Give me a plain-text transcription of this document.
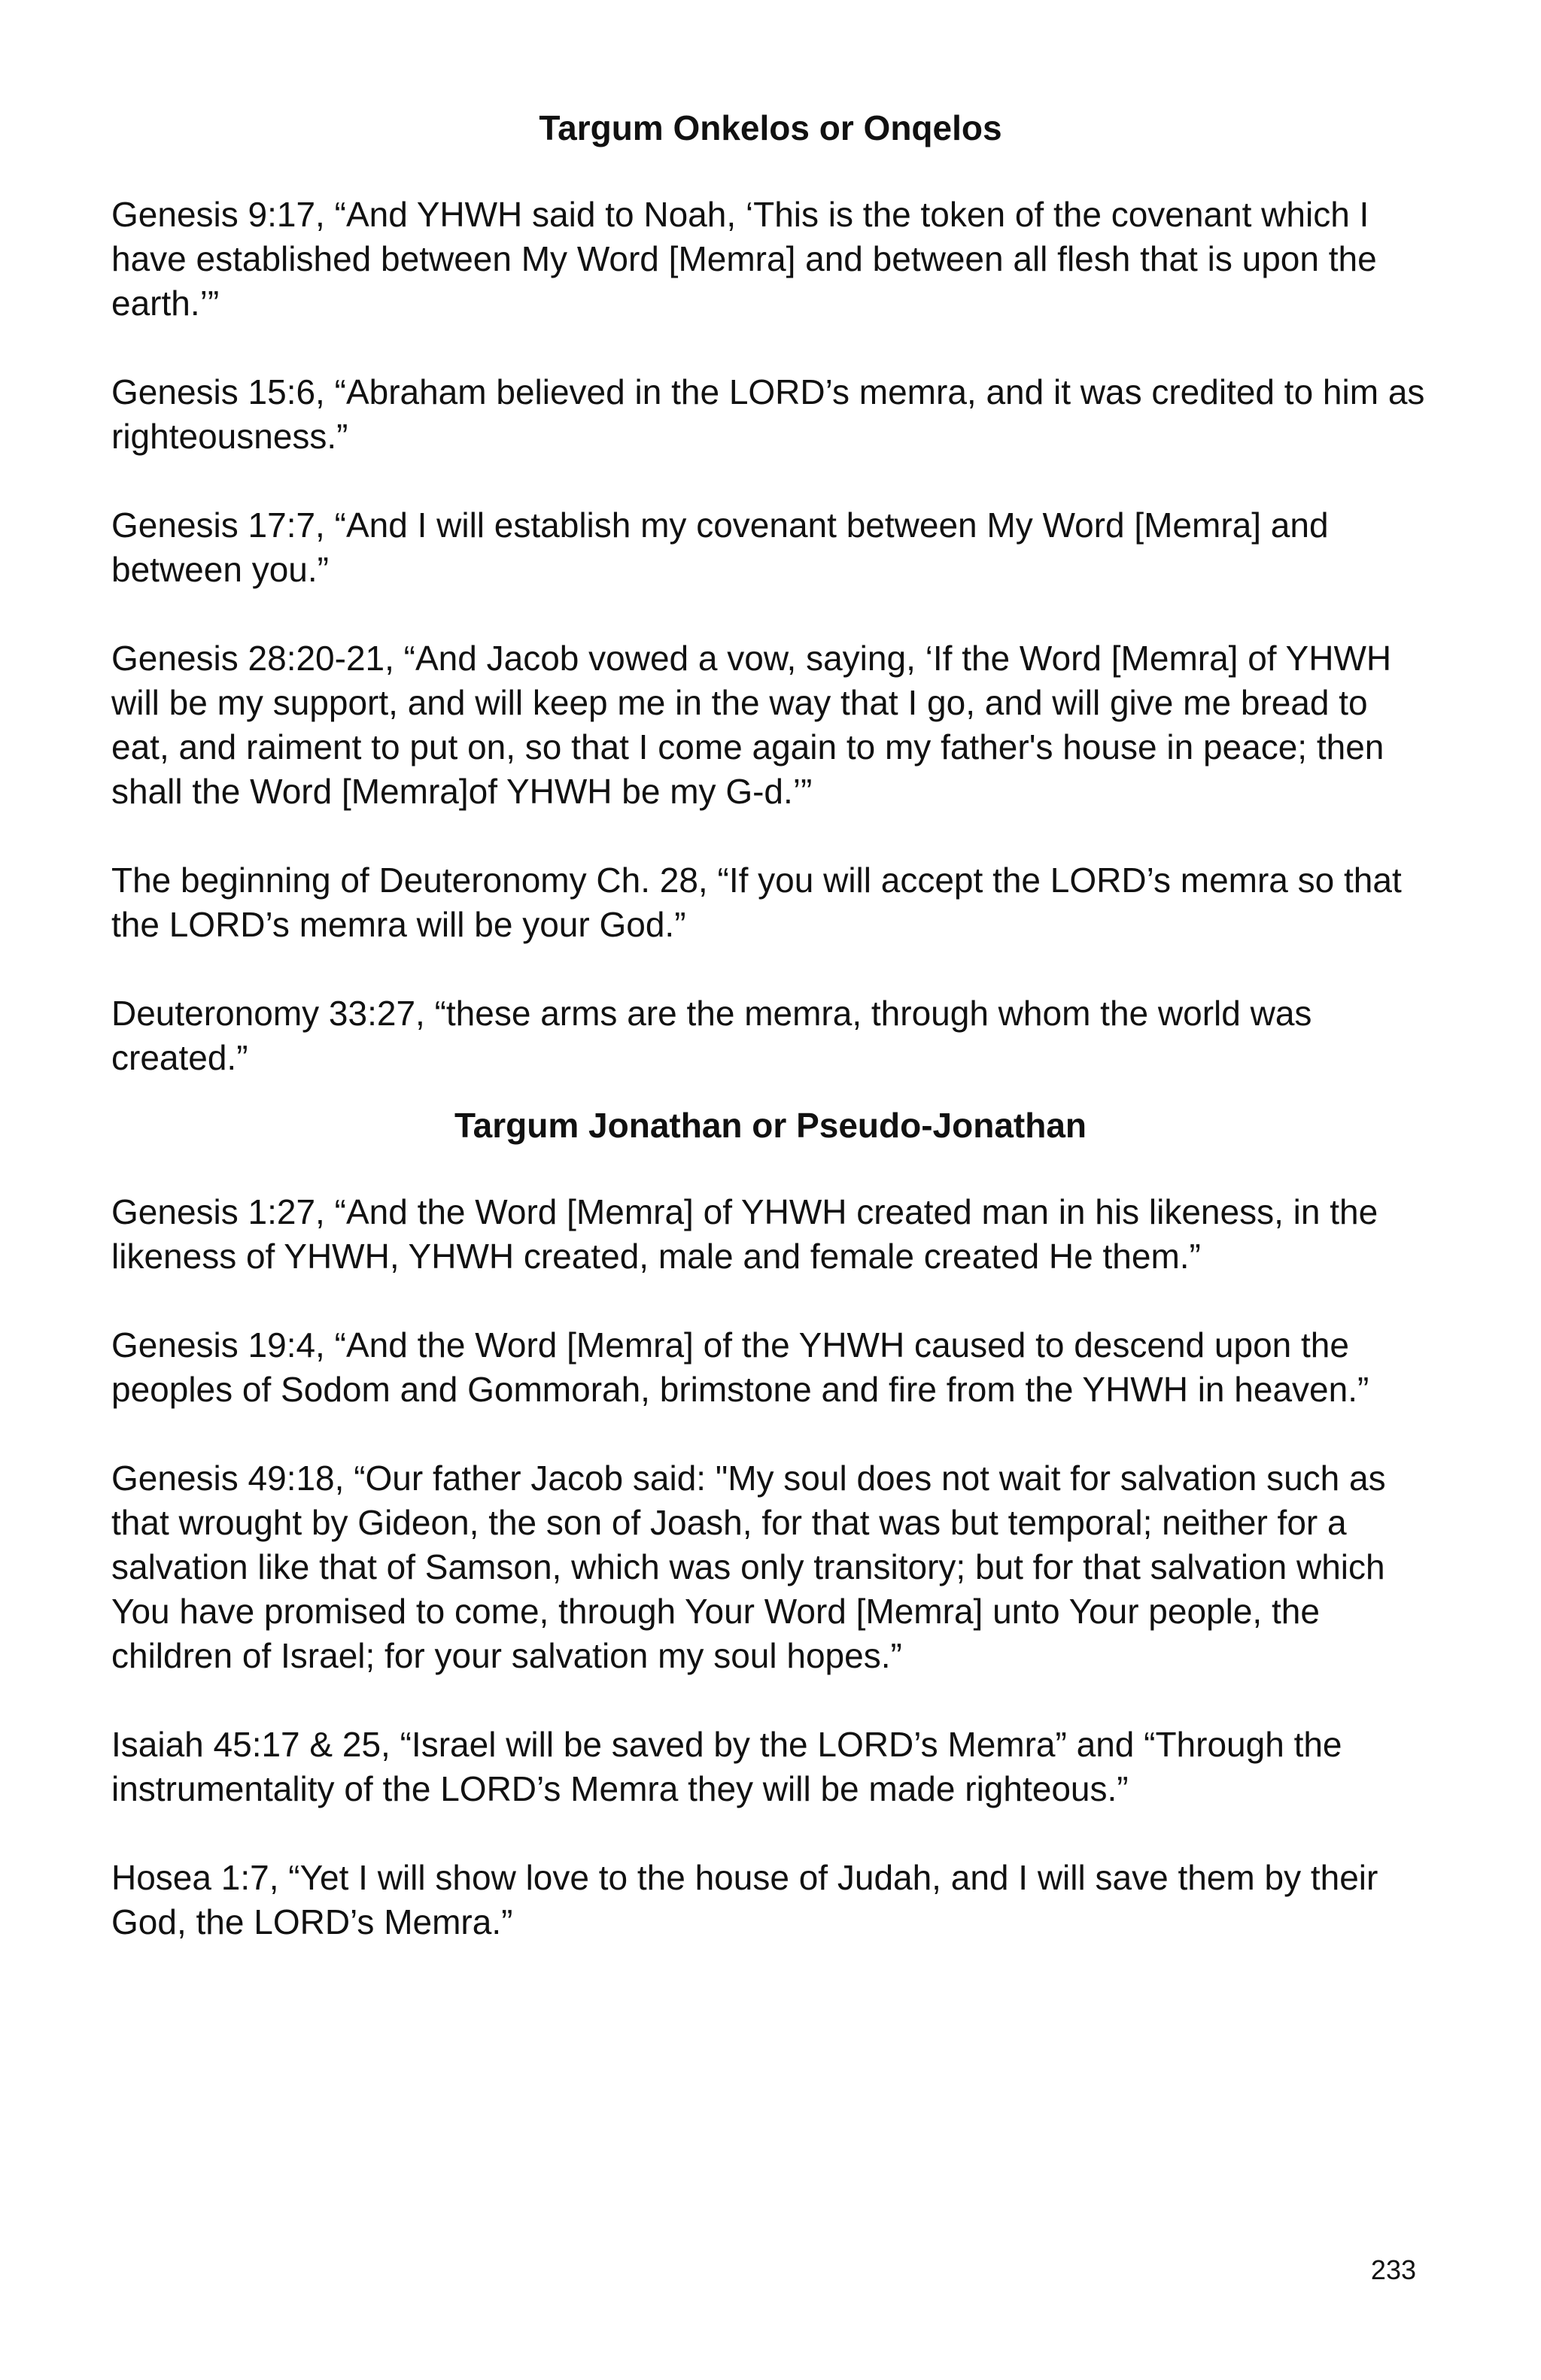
Targum Onkelos or Onqelos

Genesis 9:17, “And YHWH said to Noah, ‘This is the token of the covenant which I have established between My Word [Memra] and between all flesh that is upon the earth.’”

Genesis 15:6, “Abraham believed in the LORD’s memra, and it was credited to him as righteousness.”

Genesis 17:7, “And I will establish my covenant between My Word [Memra] and between you.”

Genesis 28:20-21, “And Jacob vowed a vow, saying, ‘If the Word [Memra] of YHWH will be my support, and will keep me in the way that I go, and will give me bread to eat, and raiment to put on, so that I come again to my father's house in peace; then shall the Word [Memra]of YHWH be my G-d.’”

The beginning of Deuteronomy Ch. 28, “If you will accept the LORD’s memra so that the LORD’s memra will be your God.”

Deuteronomy 33:27, “these arms are the memra, through whom the world was created.”

Targum Jonathan or Pseudo-Jonathan

Genesis 1:27, “And the Word [Memra] of YHWH created man in his likeness, in the likeness of YHWH, YHWH created, male and female created He them.”

Genesis 19:4, “And the Word [Memra] of the YHWH caused to descend upon the peoples of Sodom and Gommorah, brimstone and fire from the YHWH in heaven.”

Genesis 49:18, “Our father Jacob said: "My soul does not wait for salvation such as that wrought by Gideon, the son of Joash, for that was but temporal; neither for a salvation like that of Samson, which was only transitory; but for that salvation which You have promised to come, through Your Word [Memra] unto Your people, the children of Israel; for your salvation my soul hopes.”

Isaiah 45:17 & 25, “Israel will be saved by the LORD’s Memra” and “Through the instrumentality of the LORD’s Memra they will be made righteous.”

Hosea 1:7, “Yet I will show love to the house of Judah, and I will save them by their God, the LORD’s Memra.”

233
